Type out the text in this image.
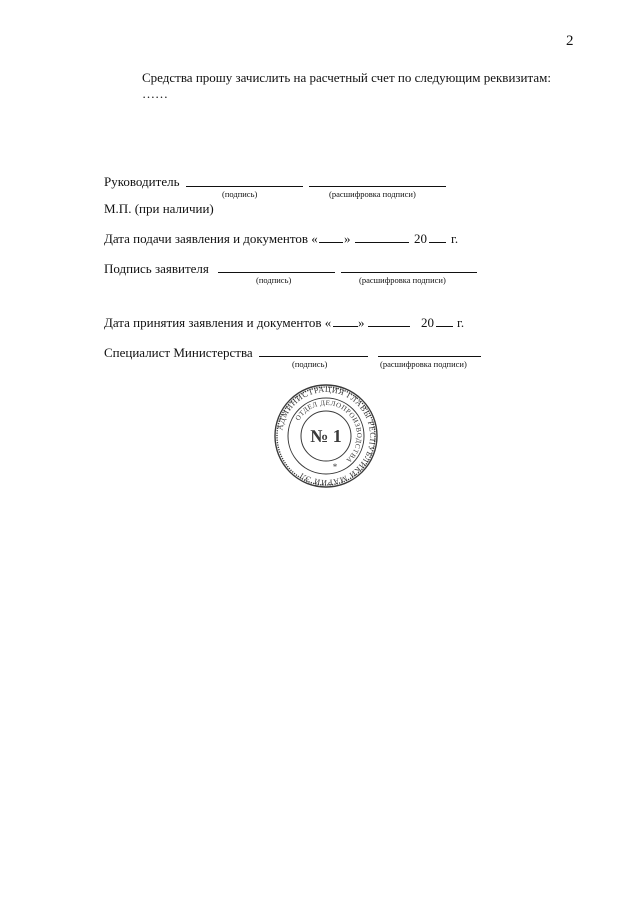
2
Средства прошу зачислить на расчетный счет по следующим реквизитам:
……
Руководитель
(подпись)	(расшифровка подписи)
М.П. (при наличии)
Дата подачи заявления и документов « »	20 г.
Подпись заявителя
(подпись)	(расшифровка подписи)
Дата принятия заявления и документов « »	20 г.
Специалист Министерства
(подпись)	(расшифровка подписи)
АДМИНИСТРАЦИЯ ГЛАВЫ РЕСПУБЛИКИ МАРИЙ ЭЛ
ОТДЕЛ ДЕЛОПРОИЗВОДСТВА
№ 1
*
